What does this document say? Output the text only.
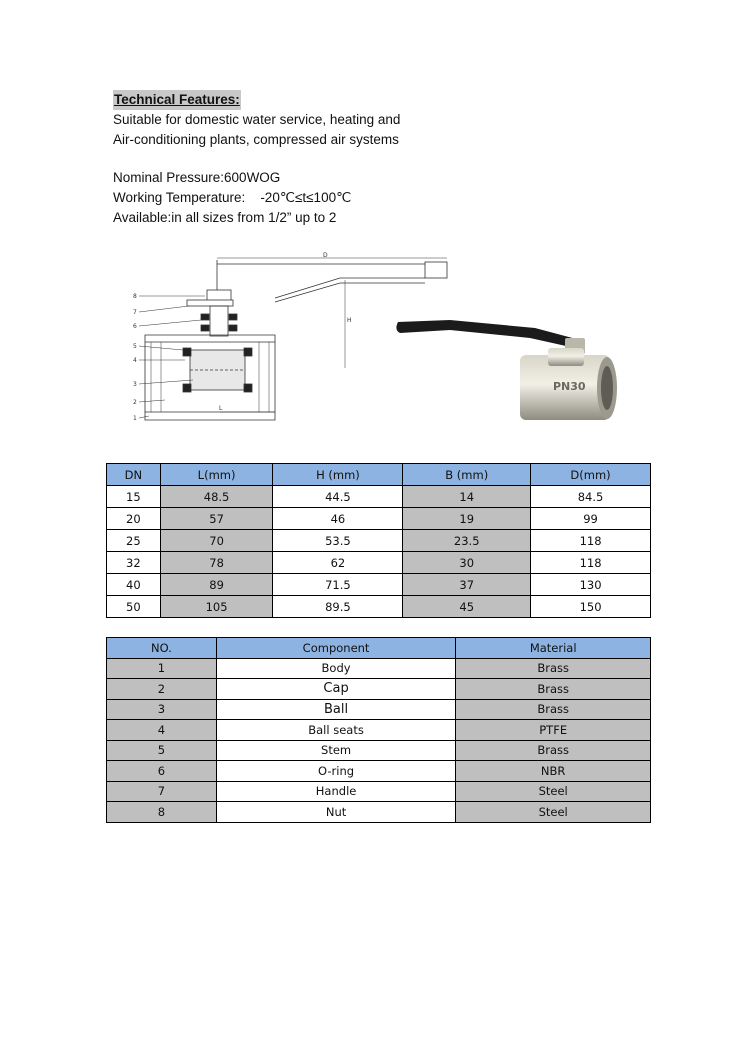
Technical Features:
Suitable for domestic water service, heating and
Air-conditioning plants, compressed air systems
Nominal Pressure:600WOG
Working Temperature:    -20℃≤t≤100℃
Available:in all sizes from 1/2” up to 2
8
7
6
5
4
3
2
1
D
H
L
PN30
DN	L(mm)	H (mm)	B (mm)	D(mm)
15	48.5	44.5	14	84.5
20	57	46	19	99
25	70	53.5	23.5	118
32	78	62	30	118
40	89	71.5	37	130
50	105	89.5	45	150
NO.	Component	Material
1	Body	Brass
2	Cap	Brass
3	Ball	Brass
4	Ball seats	PTFE
5	Stem	Brass
6	O-ring	NBR
7	Handle	Steel
8	Nut	Steel
